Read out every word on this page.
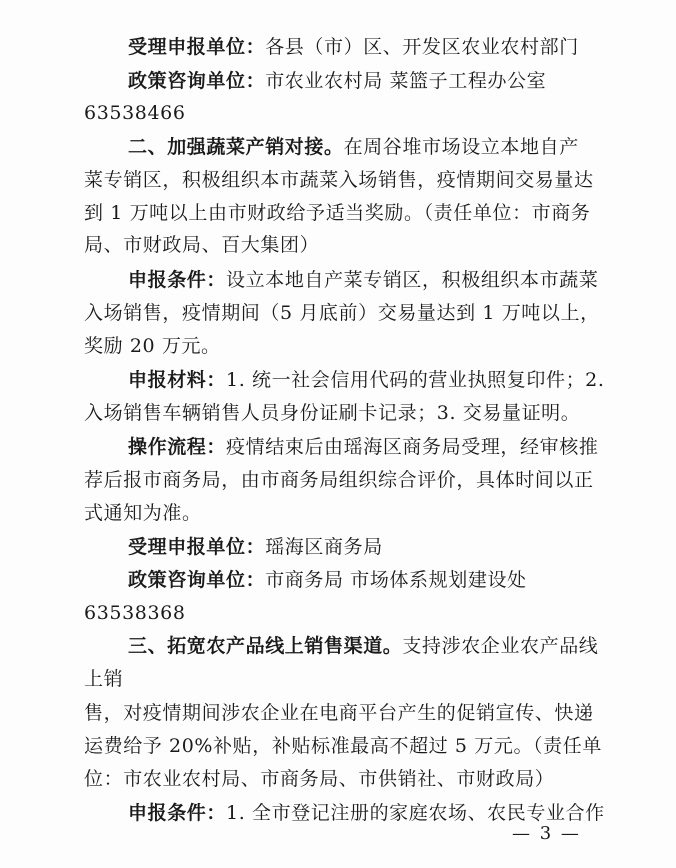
受理申报单位：各县（市）区、开发区农业农村部门
政策咨询单位：市农业农村局 菜篮子工程办公室
63538466
二、加强蔬菜产销对接。在周谷堆市场设立本地自产
菜专销区，积极组织本市蔬菜入场销售，疫情期间交易量达
到 1 万吨以上由市财政给予适当奖励。（责任单位：市商务
局、市财政局、百大集团）
申报条件：设立本地自产菜专销区，积极组织本市蔬菜
入场销售，疫情期间（5 月底前）交易量达到 1 万吨以上，
奖励 20 万元。
申报材料：1. 统一社会信用代码的营业执照复印件；2.
入场销售车辆销售人员身份证刷卡记录；3. 交易量证明。
操作流程：疫情结束后由瑶海区商务局受理，经审核推
荐后报市商务局，由市商务局组织综合评价，具体时间以正
式通知为准。
受理申报单位：瑶海区商务局
政策咨询单位：市商务局 市场体系规划建设处
63538368
三、拓宽农产品线上销售渠道。支持涉农企业农产品线
上销
售，对疫情期间涉农企业在电商平台产生的促销宣传、快递
运费给予 20%补贴，补贴标准最高不超过 5 万元。（责任单
位：市农业农村局、市商务局、市供销社、市财政局）
申报条件：1. 全市登记注册的家庭农场、农民专业合作
— 3 —
